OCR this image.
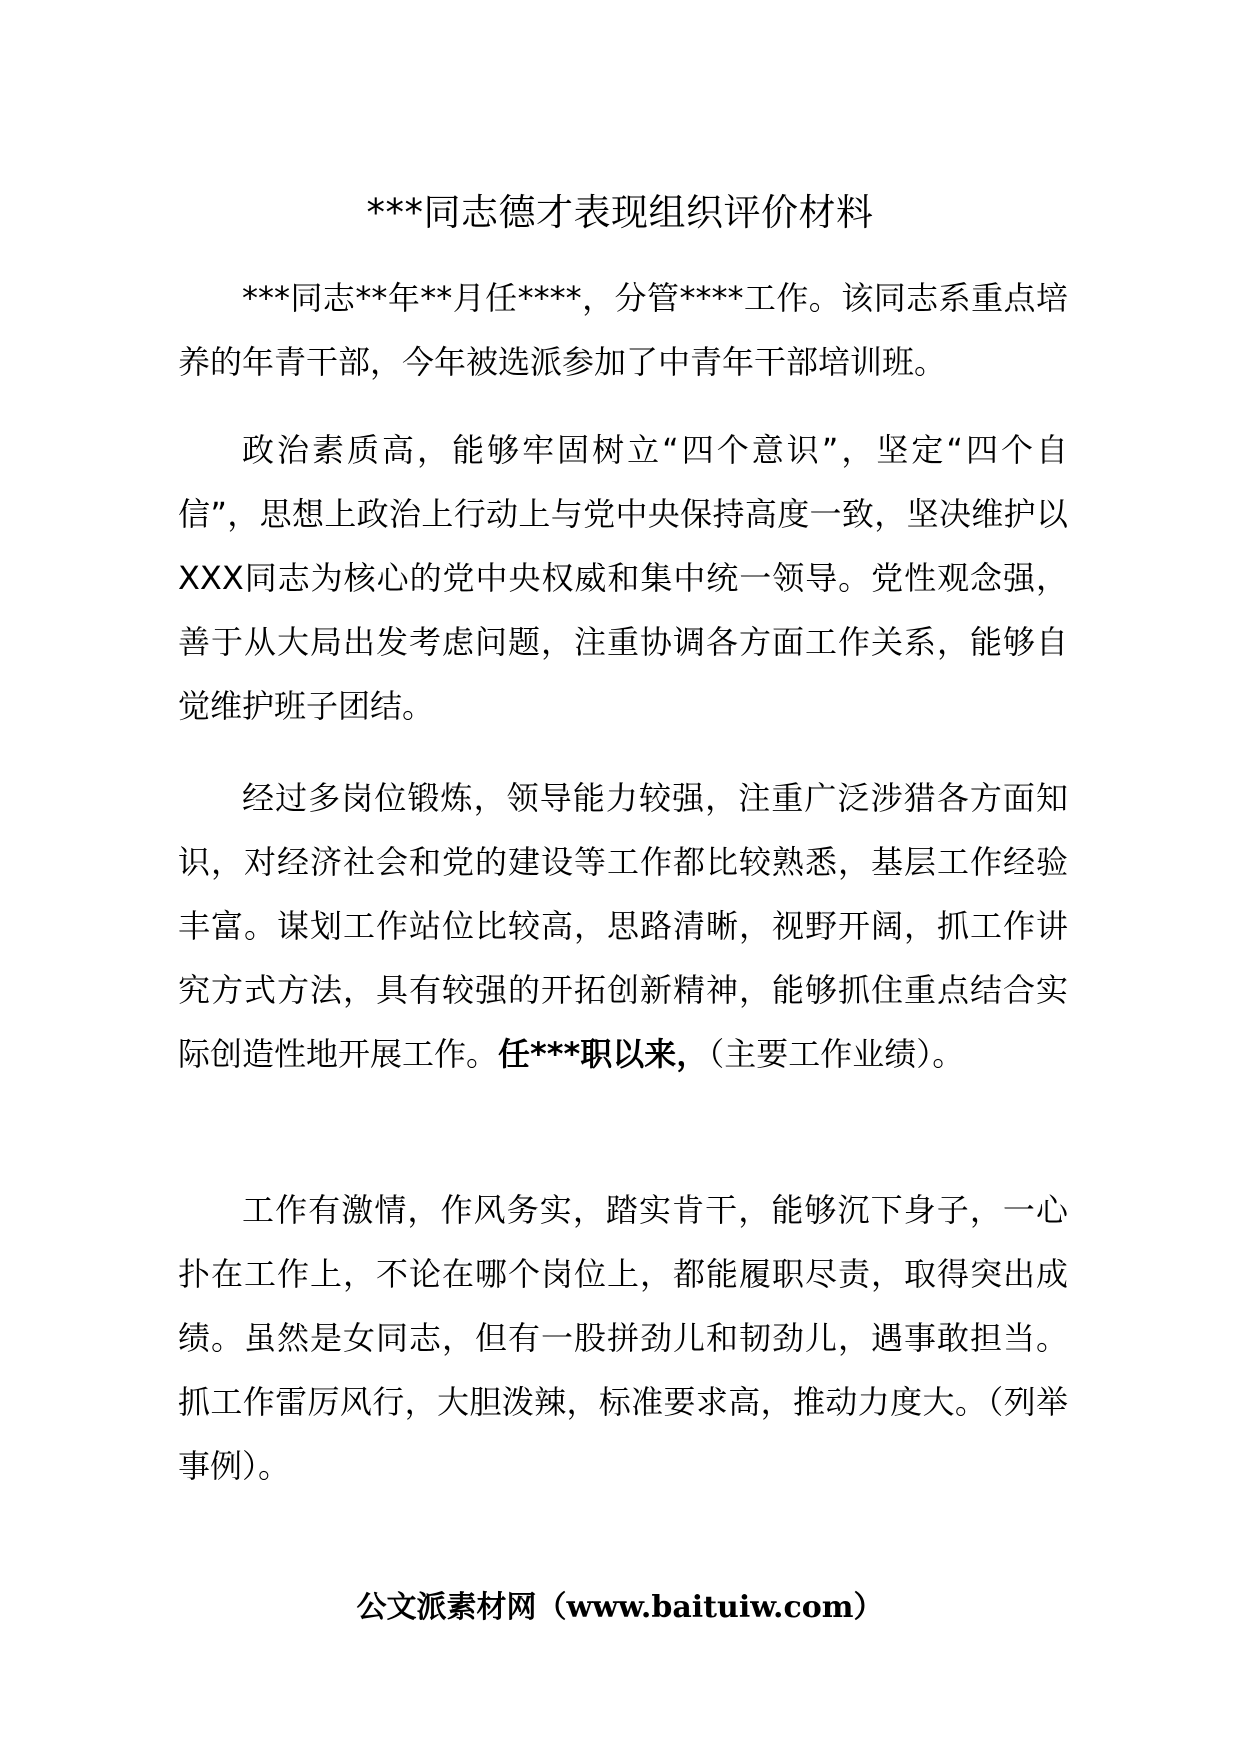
***同志德才表现组织评价材料

***同志**年**月任****，分管****工作。该同志系重点培养的年青干部，今年被选派参加了中青年干部培训班。

政治素质高，能够牢固树立“四个意识”，坚定“四个自信”，思想上政治上行动上与党中央保持高度一致，坚决维护以XXX同志为核心的党中央权威和集中统一领导。党性观念强，善于从大局出发考虑问题，注重协调各方面工作关系，能够自觉维护班子团结。

经过多岗位锻炼，领导能力较强，注重广泛涉猎各方面知识，对经济社会和党的建设等工作都比较熟悉，基层工作经验丰富。谋划工作站位比较高，思路清晰，视野开阔，抓工作讲究方式方法，具有较强的开拓创新精神，能够抓住重点结合实际创造性地开展工作。任***职以来，（主要工作业绩）。

工作有激情，作风务实，踏实肯干，能够沉下身子，一心扑在工作上，不论在哪个岗位上，都能履职尽责，取得突出成绩。虽然是女同志，但有一股拼劲儿和韧劲儿，遇事敢担当。抓工作雷厉风行，大胆泼辣，标准要求高，推动力度大。（列举事例）。

公文派素材网（www.baituiw.com）
